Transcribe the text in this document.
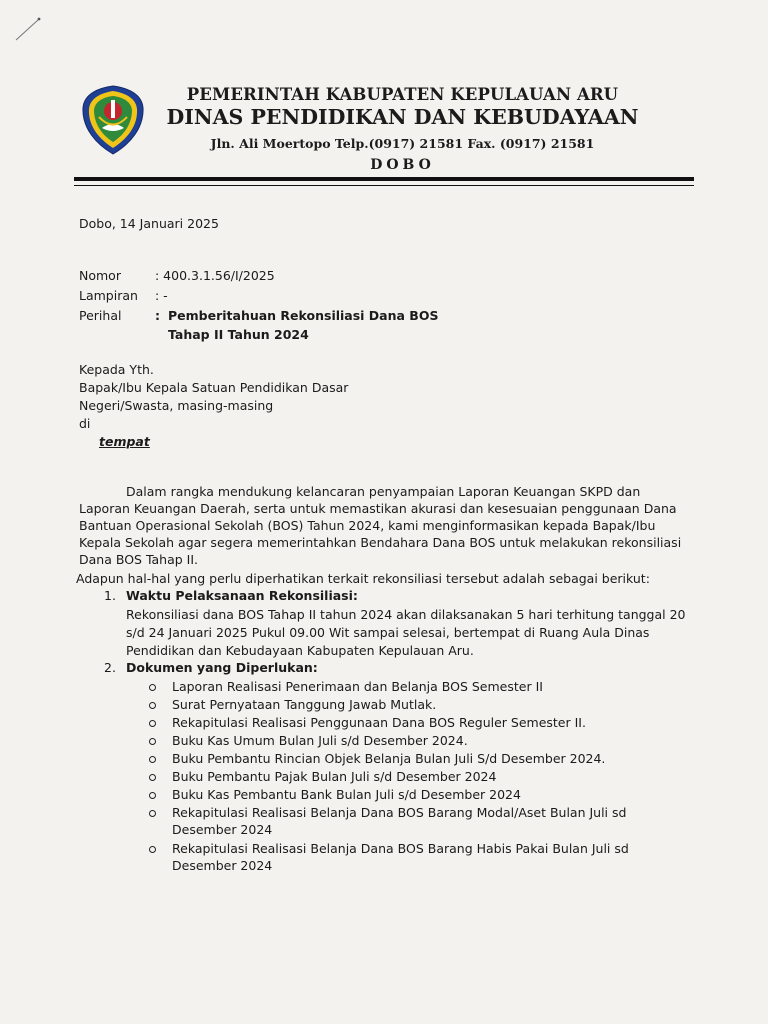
PEMERINTAH KABUPATEN KEPULAUAN ARU
DINAS PENDIDIKAN DAN KEBUDAYAAN
Jln. Ali Moertopo Telp.(0917) 21581 Fax. (0917) 21581
DOBO
Dobo, 14 Januari 2025
Nomor	: 400.3.1.56/I/2025
Lampiran : -
Perihal	: Pemberitahuan Rekonsiliasi Dana BOS
Tahap II Tahun 2024
Kepada Yth.
Bapak/Ibu Kepala Satuan Pendidikan Dasar
Negeri/Swasta, masing-masing
di
tempat
Dalam rangka mendukung kelancaran penyampaian Laporan Keuangan SKPD dan
Laporan Keuangan Daerah, serta untuk memastikan akurasi dan kesesuaian penggunaan Dana
Bantuan Operasional Sekolah (BOS) Tahun 2024, kami menginformasikan kepada Bapak/Ibu
Kepala Sekolah agar segera memerintahkan Bendahara Dana BOS untuk melakukan rekonsiliasi
Dana BOS Tahap II.
Adapun hal-hal yang perlu diperhatikan terkait rekonsiliasi tersebut adalah sebagai berikut:
1. Waktu Pelaksanaan Rekonsiliasi:
Rekonsiliasi dana BOS Tahap II tahun 2024 akan dilaksanakan 5 hari terhitung tanggal 20
s/d 24 Januari 2025 Pukul 09.00 Wit sampai selesai, bertempat di Ruang Aula Dinas
Pendidikan dan Kebudayaan Kabupaten Kepulauan Aru.
2. Dokumen yang Diperlukan:
Laporan Realisasi Penerimaan dan Belanja BOS Semester II
Surat Pernyataan Tanggung Jawab Mutlak.
Rekapitulasi Realisasi Penggunaan Dana BOS Reguler Semester II.
Buku Kas Umum Bulan Juli s/d Desember 2024.
Buku Pembantu Rincian Objek Belanja Bulan Juli S/d Desember 2024.
Buku Pembantu Pajak Bulan Juli s/d Desember 2024
Buku Kas Pembantu Bank Bulan Juli s/d Desember 2024
Rekapitulasi Realisasi Belanja Dana BOS Barang Modal/Aset Bulan Juli sd
Desember 2024
Rekapitulasi Realisasi Belanja Dana BOS Barang Habis Pakai Bulan Juli sd
Desember 2024
